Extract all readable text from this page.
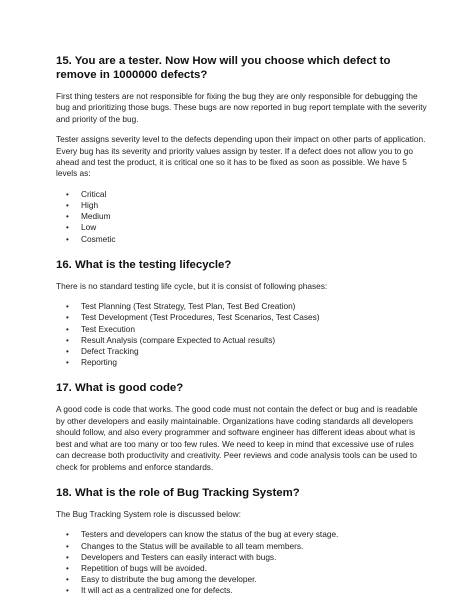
15. You are a tester. Now How will you choose which defect to remove in 1000000 defects?

First thing testers are not responsible for fixing the bug they are only responsible for debugging the bug and prioritizing those bugs. These bugs are now reported in bug report template with the severity and priority of the bug.

Tester assigns severity level to the defects depending upon their impact on other parts of application. Every bug has its severity and priority values assign by tester. If a defect does not allow you to go ahead and test the product, it is critical one so it has to be fixed as soon as possible. We have 5 levels as:

• Critical
• High
• Medium
• Low
• Cosmetic
16. What is the testing lifecycle?

There is no standard testing life cycle, but it is consist of following phases:

• Test Planning (Test Strategy, Test Plan, Test Bed Creation)
• Test Development (Test Procedures, Test Scenarios, Test Cases)
• Test Execution
• Result Analysis (compare Expected to Actual results)
• Defect Tracking
• Reporting
17. What is good code?

A good code is code that works. The good code must not contain the defect or bug and is readable by other developers and easily maintainable. Organizations have coding standards all developers should follow, and also every programmer and software engineer has different ideas about what is best and what are too many or too few rules. We need to keep in mind that excessive use of rules can decrease both productivity and creativity. Peer reviews and code analysis tools can be used to check for problems and enforce standards.

18. What is the role of Bug Tracking System?

The Bug Tracking System role is discussed below:

• Testers and developers can know the status of the bug at every stage.
• Changes to the Status will be available to all team members.
• Developers and Testers can easily interact with bugs.
• Repetition of bugs will be avoided.
• Easy to distribute the bug among the developer.
• It will act as a centralized one for defects.
